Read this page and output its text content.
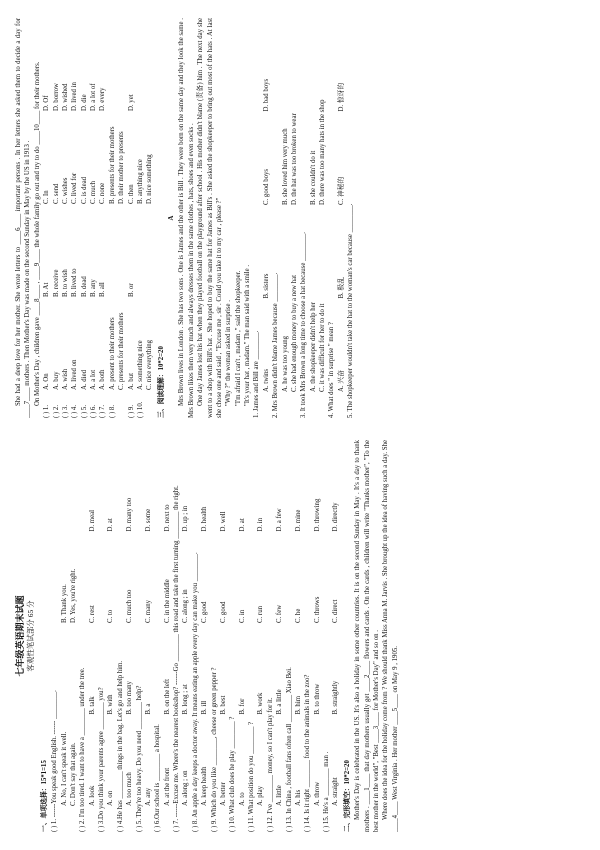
七年级英语期末试题 客观性笔试部分 65 分

一、单项选择：15*1=15 ( ) 1. ------You speak good English. ------ ________. A. No, I can't speak it well.
B. Thank you.
C. Don't say that again.
D. Yes, you're right.

( ) 2. I'm too tired. I want to have a ________ under the tree. A. look
B. talk
C. rest
D. meal

( ) 3.Do you think your parents agree ________ you? A. on
B. with
C. to
D. at

( ) 4.He has ________ things in the bag. Let's go and help him. A. too much
B. too many
C. much too
D. many too

( ) 5. They're too heavy. Do you need ________ help? A. any
B. a
C. many
D. some

( ) 6.Our school is ________ a hospital. A. at the front
B. on the left
C. in the middle
D. next to ( ) 7. ------Excuse me. Where's the nearest bookshop? ------Go ________ this road and take the first turning ________ the right. A. along ; on
B. long ; at
C. along ; in
D. up ; in

( ) 8. An apple a day keeps a doctor away. It means eating an apple every day can make you ________. A. keep health
B. ill
C. good
D. health

( ) 9. Which do you like ________, cheese or green pepper ? A. better
B. best
C. good
D. well

( ) 10. What club does he play ________ ? A. to
B. for
C. in
D. at

( ) 11. What position do you ________ ? A. play
B. work
C. run
D. in

( ) 12. I've ________ money, so I can't play for it. A. little
B. a little
C. few
D. a few

( ) 13. In China , football fans often call ________ Xiao Bei. A. his
B. him
C. he
D. mine

( ) 14. Is it right ________ food to the animals in the zoo? A. throw
B. to throw
C. throws
D. throwing

( ) 15. He's a ________ man . A. straight
B. straightly
C. direct
D. directly

二、完形填空：10*2=20 Mother's Day is celebrated in the US. It's also a holiday in some other countries. It is on the second Sunday in May . It's a day to thank mothers . ____1____ that day mothers usually get ____2____ flowers and cards . On the cards , children will write "Thanks mother", "To the best mother in the world", "Best ____3____ for Mother's Day" and so on . Where does the idea for the holiday come from ? We should thank Miss Anna M. Jarvis . She brought up the idea of having such a day. She ____4____ West Virginia . Her mother ____5____ on May 9 , 1905.

She had a deep love for her mother. She wrote letters to ____6____ important persons . In her letters she asked them to decide a day for ____7____ mothers . Then Mother's Day was made on the second Sunday in May by the US in 1913 . On Mother's Day , children gave ____8____ , ____9____ the whole family go out and try to do ____10____ for their mothers.

( ) 1.
A. On
B. At
C. In
D. Of
( ) 2.
A. buy
B. receive
C. send
D. borrow
( ) 3.
A. wish
B. to wish
C. wishes
D. wished
( ) 4.
A. lived on
B. lived to
C. lived for
D. lived in
( ) 5.
A. died
B. dead
C. is dead
D. die
( ) 6.
A. a lot
B. any
C. much
D. a lot of
( ) 7.
A. both
B. all
C. none
D. every
( ) 8.
A. present to their mothers
B. presents for their mothers
C. presents for their mothers
D. their mother to presents
( ) 9.
A. but
B. or
C. then
D. yet
( ) 10.
A. something nice
B. anything nice
C. nice everything
D. nice something

三、阅读理解：10*2=20

A Mrs Brown lives in London . She has two sons . One is James and the other is Bill . They were born on the same day and they look the same . Mrs Brown likes them very much and always dresses them in the same clothes , hats, shoes and even socks . One day James lost his hat when they played football on the playground after school . His mother didn't blame (责备) him . The next day she went to a shop with Bill's hat . She hoped to buy the same hat for James as Bill's . She asked the shopkeeper to bring out most of the hats . At last she chose one and said , "Excuse me , sir . Could you take it to my car , please ?" "Why ?" the woman asked in surprise . "I'm afraid I can't , madam ," said the shopkeeper. "It's your hat , madam." The man said with a smile . 1. James and Bill are ________. A. twins
B. sisters
C. good boys
D. bad boys

2. Mrs Brown didn't blame James because ________. A. he was too young
B. she loved him very much
C. she had enough money to buy a new hat
D. the hat was too broken to wear

3. It took Mrs Brown a long time to choose a hat because ________. A. the shopkeeper didn't help her
B. she couldn't do it
C. it was difficult for her to do it
D. there was too many hats in the shop

4. What does " in surprise " mean ? A. 兴奋
B. 极乱
C. 神秘的
D. 惊讶的

5. The shopkeeper wouldn't take the hat to the woman's car because ________.
